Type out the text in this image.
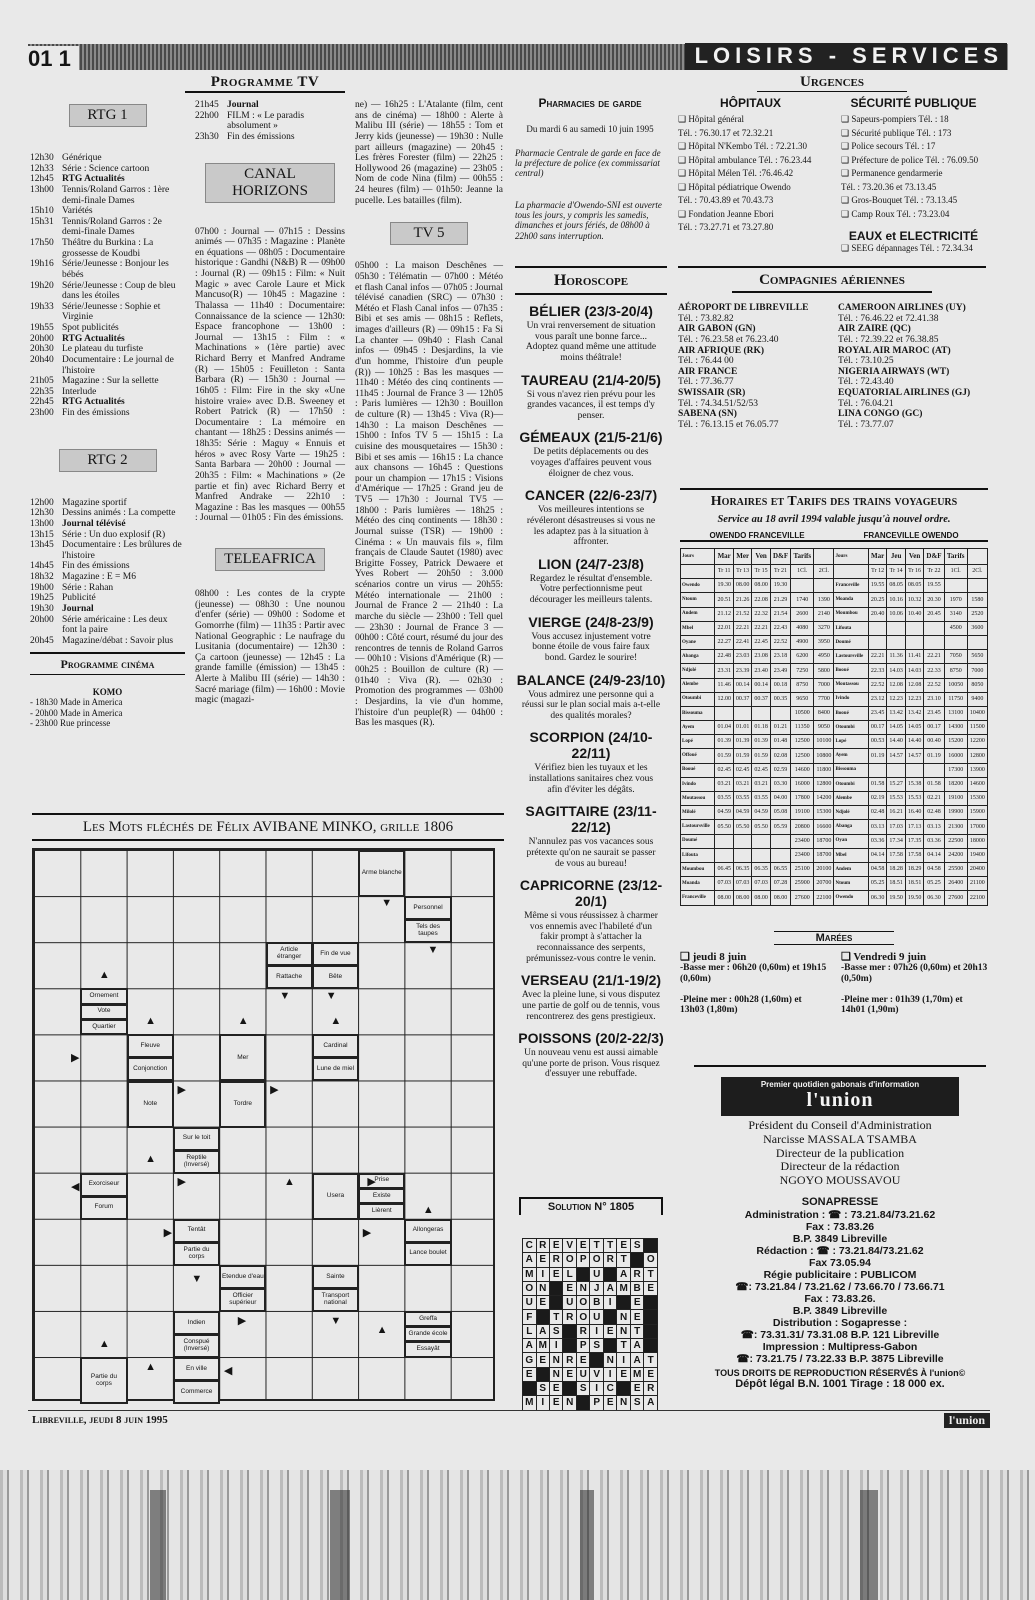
01 1	LOISIRS - SERVICES
Programme TV
RTG 1
12h30 Générique
12h33 Série : Science cartoon
12h45 RTG Actualités
13h00 Tennis/Roland Garros : 1ère demi-finale Dames
15h10 Variétés
15h31 Tennis/Roland Garros : 2e demi-finale Dames
17h50 Théâtre du Burkina : La grossesse de Koudbi
19h16 Série/Jeunesse : Bonjour les bébés
19h20 Série/Jeunesse : Coup de bleu dans les étoiles
19h33 Série/Jeunesse : Sophie et Virginie
19h55 Spot publicités
20h00 RTG Actualités
20h30 Le plateau du turfiste
20h40 Documentaire : Le journal de l'histoire
21h05 Magazine : Sur la sellette
22h35 Interlude
22h45 RTG Actualités
23h00 Fin des émissions
RTG 2
12h00 Magazine sportif
12h30 Dessins animés : La compette
13h00 Journal télévisé
13h15 Série : Un duo explosif (R)
13h45 Documentaire : Les brûlures de l'histoire
14h45 Fin des émissions
18h32 Magazine : E = M6
19h00 Série : Rahan
19h25 Publicité
19h30 Journal
20h00 Série américaine : Les deux font la paire
20h45 Magazine/débat : Savoir plus
Programme cinéma
KOMO
- 18h30 Made in America
- 20h00 Made in America
- 23h00 Rue princesse
21h45 Journal
22h00 FILM : « Le paradis absolument »
23h30 Fin des émissions
CANAL HORIZONS
07h00 : Journal — 07h15 : Dessins animés — 07h35 : Magazine : Planète en équations — 08h05 : Documentaire historique : Gandhi (N&B) R — 09h00 : Journal (R) — 09h15 : Film: « Nuit Magic » avec Carole Laure et Mick Mancuso(R) — 10h45 : Magazine : Thalassa — 11h40 : Documentaire: Connaissance de la science — 12h30: Espace francophone — 13h00 : Journal — 13h15 : Film : « Machinations » (1ère partie) avec Richard Berry et Manfred Andrame (R) — 15h05 : Feuilleton : Santa Barbara (R) — 15h30 : Journal — 16h05 : Film: Fire in the sky «Une histoire vraie» avec D.B. Sweeney et Robert Patrick (R) — 17h50 : Documentaire : La mémoire en chantant — 18h25 : Dessins animés — 18h35: Série : Maguy « Ennuis et héros » avec Rosy Varte — 19h25 : Santa Barbara — 20h00 : Journal — 20h35 : Film: « Machinations » (2e partie et fin) avec Richard Berry et Manfred Andrake — 22h10 : Magazine : Bas les masques — 00h55 : Journal — 01h05 : Fin des émissions.
TELEAFRICA
08h00 : Les contes de la crypte (jeunesse) — 08h30 : Une nounou d'enfer (série) — 09h00 : Sodome et Gomorrhe (film) — 11h35 : Partir avec National Geographic : Le naufrage du Lusitania (documentaire) — 12h30 : Ça cartoon (jeunesse) — 12h45 : La grande famille (émission) — 13h45 : Alerte à Malibu III (série) — 14h30 : Sacré mariage (film) — 16h00 : Movie magic (magazi-
ne) — 16h25 : L'Atalante (film, cent ans de cinéma) — 18h00 : Alerte à Malibu III (série) — 18h55 : Tom et Jerry kids (jeunesse) — 19h30 : Nulle part ailleurs (magazine) — 20h45 : Les frères Forester (film) — 22h25 : Hollywood 26 (magazine) — 23h05 : Nom de code Nina (film) — 00h55 : 24 heures (film) — 01h50: Jeanne la pucelle. Les batailles (film).
TV 5
05h00 : La maison Deschênes — 05h30 : Télématin — 07h00 : Météo et flash Canal infos — 07h05 : Journal télévisé canadien (SRC) — 07h30 : Météo et Flash Canal infos — 07h35 : Bibi et ses amis — 08h15 : Reflets, images d'ailleurs (R) — 09h15 : Fa Si La chanter — 09h40 : Flash Canal infos — 09h45 : Desjardins, la vie d'un homme, l'histoire d'un peuple (R)) — 10h25 : Bas les masques — 11h40 : Météo des cinq continents — 11h45 : Journal de France 3 — 12h05 : Paris lumières — 12h30 : Bouillon de culture (R) — 13h45 : Viva (R)— 14h30 : La maison Deschênes — 15h00 : Infos TV 5 — 15h15 : La cuisine des mousquetaires — 15h30 : Bibi et ses amis — 16h15 : La chance aux chansons — 16h45 : Questions pour un champion — 17h15 : Visions d'Amérique — 17h25 : Grand jeu de TV5 — 17h30 : Journal TV5 — 18h00 : Paris lumières — 18h25 : Météo des cinq continents — 18h30 : Journal suisse (TSR) — 19h00 : Cinéma : « Un mauvais fils », film français de Claude Sautet (1980) avec Brigitte Fossey, Patrick Dewaere et Yves Robert — 20h50 : 3.000 scénarios contre un virus — 20h55: Météo internationale — 21h00 : Journal de France 2 — 21h40 : La marche du siècle — 23h00 : Tell quel — 23h30 : Journal de France 3 — 00h00 : Côté court, résumé du jour des rencontres de tennis de Roland Garros — 00h10 : Visions d'Amérique (R) — 00h25 : Bouillon de culture (R) — 01h40 : Viva (R). — 02h30 : Promotion des programmes — 03h00 : Desjardins, la vie d'un homme, l'histoire d'un peuple(R) — 04h00 : Bas les masques (R).
Les Mots fléchés de Félix AVIBANE MINKO, grille 1806
Arme blanche
Personnel
Tels des taupes
Article étranger
Rattache
Fin de vue
Bête
Ornement
Vote
Quartier
Fleuve
Conjonction
Mer
Cardinal
Lune de miel
Note	Tordre
Sur le toit
Reptile (Inversé)
Exorciseur
Forum
Prise
Usera	Existe
Lièrent
Allongeras
Tentât
Partie du corps	Lance boulet
Etendue d'eau
Officier supérieur
Sainte
Transport national
Indien
Conspué (Inversé)
Greffa
Grande école
Essayât
En ville
Partie du corps
Commerce
▼
▼
▼	▼
▲
▲	▲	▲
▶
▶	▶
▲
▶
◀	▲	▶
▲
▶
▼
▶
▶	▼
▲
▲	◀
▲
Pharmacies de garde
Du mardi 6 au samedi 10 juin 1995
Pharmacie Centrale de garde en face de la préfecture de police (ex commissariat central)
La pharmacie d'Owendo-SNI est ouverte tous les jours, y compris les samedis, dimanches et jours fériés, de 08h00 à 22h00 sans interruption.
Horoscope
BÉLIER (23/3-20/4)
Un vrai renversement de situation vous paraît une bonne farce... Adoptez quand même une attitude moins théâtrale!
TAUREAU (21/4-20/5)
Si vous n'avez rien prévu pour les grandes vacances, il est temps d'y penser.
GÉMEAUX (21/5-21/6)
De petits déplacements ou des voyages d'affaires peuvent vous éloigner de chez vous.
CANCER (22/6-23/7)
Vos meilleures intentions se révéleront désastreuses si vous ne les adaptez pas à la situation à affronter.
LION (24/7-23/8)
Regardez le résultat d'ensemble. Votre perfectionnisme peut décourager les meilleurs talents.
VIERGE (24/8-23/9)
Vous accusez injustement votre bonne étoile de vous faire faux bond. Gardez le sourire!
BALANCE (24/9-23/10)
Vous admirez une personne qui a réussi sur le plan social mais a-t-elle des qualités morales?
SCORPION (24/10-22/11)
Vérifiez bien les tuyaux et les installations sanitaires chez vous afin d'éviter les dégâts.
SAGITTAIRE (23/11-22/12)
N'annulez pas vos vacances sous prétexte qu'on ne saurait se passer de vous au bureau!
CAPRICORNE (23/12-20/1)
Même si vous réussissez à charmer vos ennemis avec l'habileté d'un fakir prompt à s'attacher la reconnaissance des serpents, prémunissez-vous contre le venin.
VERSEAU (21/1-19/2)
Avec la pleine lune, si vous disputez une partie de golf ou de tennis, vous rencontrerez des gens prestigieux.
POISSONS (20/2-22/3)
Un nouveau venu est aussi aimable qu'une porte de prison. Vous risquez d'essuyer une rebuffade.
Solution N° 1805
C	R	E	V	E	T	T	E	S	
A	E	R	O	P	O	R	T		O
M	I	E	L		U		A	R	T
O	N		E	N	J	A	M	B	E
U	E		U	O	B	I		E	
F		T	R	O	U		N	E	
L	A	S		R	I	E	N	T	
A	M	I		P	S		T	A	
G	E	N	R	E		N	I	A	T
E		N	E	U	V	I	E	M	E
	S	E		S	I	C		E	R
M	I	E	N		P	E	N	S	A
Urgences
HÔPITAUX
❑ Hôpital général
Tél. : 76.30.17 et 72.32.21
❑ Hôpital N'Kembo Tél. : 72.21.30
❑ Hôpital ambulance Tél. : 76.23.44
❑ Hôpital Mélen Tél. :76.46.42
❑ Hôpital pédiatrique Owendo
Tél. : 70.43.89 et 70.43.73
❑ Fondation Jeanne Ebori
Tél. : 73.27.71 et 73.27.80
SÉCURITÉ PUBLIQUE
❑ Sapeurs-pompiers Tél. : 18
❑ Sécurité publique Tél. : 173
❑ Police secours Tél. : 17
❑ Préfecture de police Tél. : 76.09.50
❑ Permanence gendarmerie
Tél. : 73.20.36 et 73.13.45
❑ Gros-Bouquet Tél. : 73.13.45
❑ Camp Roux Tél. : 73.23.04
EAUX et ELECTRICITÉ
❑ SEEG dépannages Tél. : 72.34.34
Compagnies aériennes
AÉROPORT DE LIBREVILLE
Tél. : 73.82.82
AIR GABON (GN)
Tél. : 76.23.58 et 76.23.40
AIR AFRIQUE (RK)
Tél. : 76.44 00
AIR FRANCE
Tél. : 77.36.77
SWISSAIR (SR)
Tél. : 74.34.51/52/53
SABENA (SN)
Tél. : 76.13.15 et 76.05.77
CAMEROON AIRLINES (UY)
Tél. : 76.46.22 et 72.41.38
AIR ZAIRE (QC)
Tél. : 72.39.22 et 76.38.85
ROYAL AIR MAROC (AT)
Tél. : 73.10.25
NIGERIA AIRWAYS (WT)
Tél. : 72.43.40
EQUATORIAL AIRLINES (GJ)
Tél. : 76.04.21
LINA CONGO (GC)
Tél. : 73.77.07
Horaires et Tarifs des trains voyageurs
Service au 18 avril 1994 valable jusqu'à nouvel ordre.
OWENDO FRANCEVILLE	FRANCEVILLE OWENDO
Jours	Mar	Mer	Ven	D&F	Tarifs		Jours	Mar	Jeu	Ven	D&F	Tarifs	
	Tr 11	Tr 13	Tr 15	Tr 21	1Cl.	2Cl.		Tr 12	Tr 14	Tr 16	Tr 22	1Cl.	2Cl.
Owendo	19.30	08.00	08.00	19.30			Franceville	19.55	08.05	08.05	19.55		
Ntoum	20.51	21.26	22.08	21.29	1740	1390	Moanda	20.25	10.16	10.32	20.30	1970	1580
Andem	21.12	21.52	22.32	21.54	2600	2140	Moumbou	20.40	10.06	10.40	20.45	3140	2520
Mbel	22.01	22.21	22.21	22.43	4080	3270	Lifouta					4500	3600
Oyane	22.27	22.41	22.45	22.52	4900	3950	Doumé						
Abanga	22.48	23.03	23.08	23.18	6200	4950	Lastoursville	22.21	11.36	11.41	22.21	7050	5650
Ndjolé	23.31	23.39	23.40	23.49	7250	5800	Booué	22.33	14.03	14.03	22.33	8750	7000
Alembe	11.46	00.14	00.14	00.18	8750	7000	Moutassou	22.52	12.08	12.08	22.52	10050	8050
Otoumbi	12.00	00.37	00.37	00.35	9650	7700	Ivindo	23.12	12.23	12.23	23.10	11750	9400
Bissouma					10500	8400	Booué	23.45	13.42	13.42	23.45	13100	10400
Ayem	01.04	01.01	01.18	01.21	11350	9050	Otoumbi	00.17	14.05	14.05	00.17	14300	11500
Lopé	01.39	01.39	01.39	01.48	12500	10100	Lopé	00.53	14.40	14.40	00.40	15200	12200
Offoué	01.59	01.59	01.59	02.08	12500	10800	Ayem	01.19	14.57	14.57	01.19	16000	12800
Booué	02.45	02.45	02.45	02.59	14600	11800	Bissouma					17300	13900
Ivindo	03.21	03.21	03.21	03.30	16000	12800	Otoumbi	01.58	15.27	15.38	01.58	18200	14600
Moutassou	03.55	03.55	03.55	04.00	17800	14200	Alembe	02.19	15.53	15.53	02.21	19100	15300
Milolé	04.59	04.59	04.59	05.08	19100	15300	Ndjolé	02.48	16.21	16.40	02.48	19900	15900
Lastoursville	05.50	05.50	05.50	05.59	20800	16600	Abanga	03.13	17.03	17.13	03.13	21300	17000
Doumé					23400	18700	Oyan	03.36	17.34	17.35	03.36	22500	18000
Lifouta					23400	18700	Mbel	04.14	17.58	17.58	04.14	24200	19400
Moumbou	06.45	06.35	06.35	06.55	25100	20100	Andem	04.58	18.28	18.29	04.58	25500	20400
Moanda	07.03	07.03	07.03	07.28	25900	20700	Ntoum	05.25	18.51	18.51	05.25	26400	21100
Franceville	08.00	08.00	08.00	08.00	27600	22100	Owendo	06.30	19.50	19.50	06.30	27600	22100
Marées
❑ jeudi 8 juin
-Basse mer : 06h20 (0,60m) et 19h15 (0,60m)
-Pleine mer : 00h28 (1,60m) et 13h03 (1,80m)
❑ Vendredi 9 juin
-Basse mer : 07h26 (0,60m) et 20h13 (0,50m)
-Pleine mer : 01h39 (1,70m) et 14h01 (1,90m)
Premier quotidien gabonais d'information
l'union
Président du Conseil d'Administration
Narcisse MASSALA TSAMBA
Directeur de la publication
Directeur de la rédaction
NGOYO MOUSSAVOU
SONAPRESSE
Administration : ☎ : 73.21.84/73.21.62
Fax : 73.83.26
B.P. 3849 Libreville
Rédaction : ☎ : 73.21.84/73.21.62
Fax 73.05.94
Régie publicitaire : PUBLICOM
☎: 73.21.84 / 73.21.62 / 73.66.70 / 73.66.71
Fax : 73.83.26.
B.P. 3849 Libreville
Distribution : Sogapresse :
☎: 73.31.31/ 73.31.08 B.P. 121 Libreville
Impression : Multipress-Gabon
☎: 73.21.75 / 73.22.33 B.P. 3875 Libreville
TOUS DROITS DE REPRODUCTION RÉSERVÉS À l'union©
Dépôt légal B.N. 1001 Tirage : 18 000 ex.
Libreville, jeudi 8 juin 1995	l'union
